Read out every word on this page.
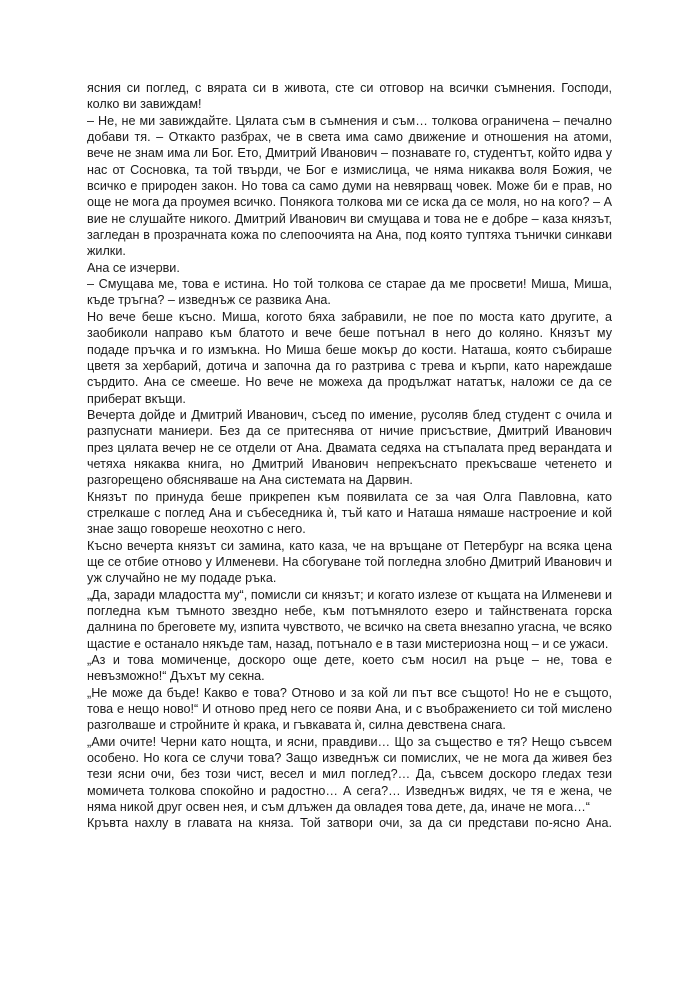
ясния си поглед, с вярата си в живота, сте си отговор на всички съмнения. Господи, колко ви завиждам!

– Не, не ми завиждайте. Цялата съм в съмнения и съм… толкова ограничена – печално добави тя. – Откакто разбрах, че в света има само движение и отношения на атоми, вече не знам има ли Бог. Ето, Дмитрий Иванович – познавате го, студентът, който идва у нас от Сосновка, та той твърди, че Бог е измислица, че няма никаква воля Божия, че всичко е природен закон. Но това са само думи на невярващ човек. Може би е прав, но още не мога да проумея всичко. Понякога толкова ми се иска да се моля, но на кого? – А вие не слушайте никого. Дмитрий Иванович ви смущава и това не е добре – каза князът, загледан в прозрачната кожа по слепоочията на Ана, под която туптяха тънички синкави жилки.

Ана се изчерви.

– Смущава ме, това е истина. Но той толкова се старае да ме просвети! Миша, Миша, къде тръгна? – изведнъж се развика Ана.

Но вече беше късно. Миша, когото бяха забравили, не пое по моста като другите, а заобиколи направо към блатото и вече беше потънал в него до коляно. Князът му подаде пръчка и го измъкна. Но Миша беше мокър до кости. Наташа, която събираше цветя за хербарий, дотича и започна да го разтрива с трева и кърпи, като нареждаше сърдито. Ана се смееше. Но вече не можеха да продължат нататък, наложи се да се приберат вкъщи.

Вечерта дойде и Дмитрий Иванович, съсед по имение, русоляв блед студент с очила и разпуснати маниери. Без да се притеснява от ничие присъствие, Дмитрий Иванович през цялата вечер не се отдели от Ана. Двамата седяха на стъпалата пред верандата и четяха някаква книга, но Дмитрий Иванович непрекъснато прекъсваше четенето и разгорещено обясняваше на Ана системата на Дарвин.

Князът по принуда беше прикрепен към появилата се за чая Олга Павловна, като стрелкаше с поглед Ана и събеседника ѝ, тъй като и Наташа нямаше настроение и кой знае защо говореше неохотно с него.

Късно вечерта князът си замина, като каза, че на връщане от Петербург на всяка цена ще се отбие отново у Илменеви. На сбогуване той погледна злобно Дмитрий Иванович и уж случайно не му подаде ръка.

„Да, заради младостта му“, помисли си князът; и когато излезе от къщата на Илменеви и погледна към тъмното звездно небе, към потъмнялото езеро и тайнствената горска далнина по бреговете му, изпита чувството, че всичко на света внезапно угасна, че всяко щастие е останало някъде там, назад, потънало е в тази мистериозна нощ – и се ужаси.

„Аз и това момиченце, доскоро още дете, което съм носил на ръце – не, това е невъзможно!“ Дъхът му секна.

„Не може да бъде! Какво е това? Отново и за кой ли път все същото! Но не е същото, това е нещо ново!“ И отново пред него се появи Ана, и с въображението си той мислено разголваше и стройните ѝ крака, и гъвкавата ѝ, силна девствена снага.

„Ами очите! Черни като нощта, и ясни, правдиви… Що за същество е тя? Нещо съвсем особено. Но кога се случи това? Защо изведнъж си помислих, че не мога да живея без тези ясни очи, без този чист, весел и мил поглед?… Да, съвсем доскоро гледах тези момичета толкова спокойно и радостно… А сега?… Изведнъж видях, че тя е жена, че няма никой друг освен нея, и съм длъжен да овладея това дете, да, иначе не мога…“

Кръвта нахлу в главата на княза. Той затвори очи, за да си представи по-ясно Ана.
